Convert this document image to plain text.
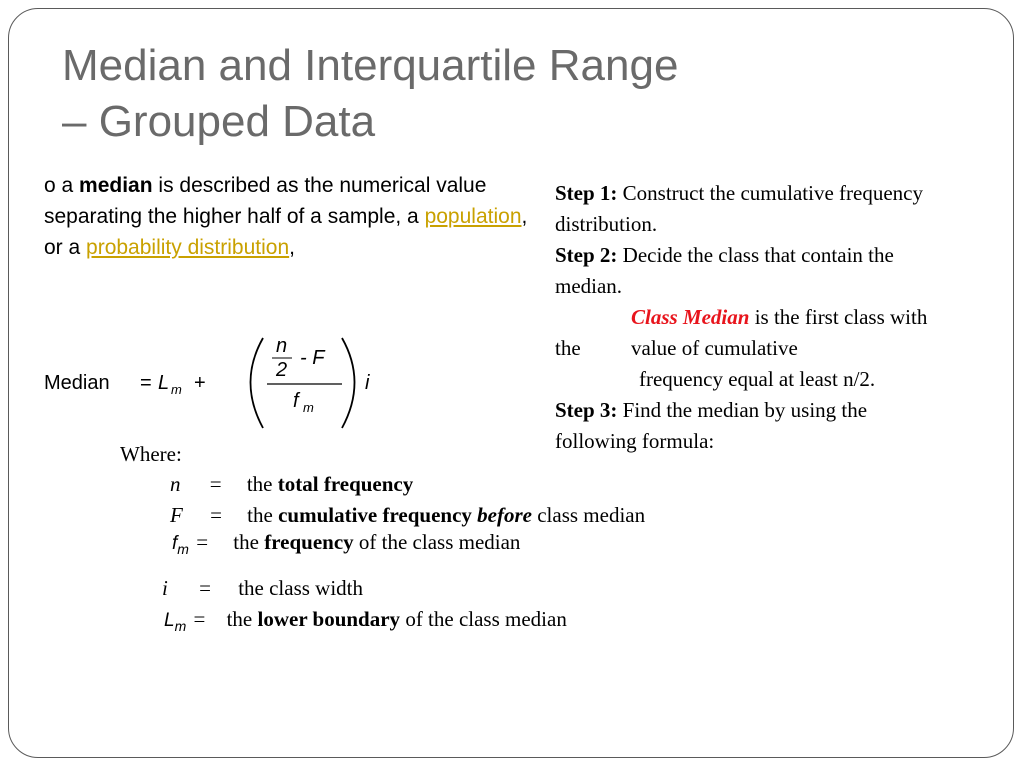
Median and Interquartile Range
– Grouped Data
o a median is described as the numerical value separating the higher half of a sample, a population, or a probability distribution,
Step 1: Construct the cumulative frequency
distribution.
Step 2: Decide the class that contain the
median.
Class Median is the first class with
the value of cumulative
frequency equal at least n/2.
Step 3: Find the median by using the
following formula:
Median = L m +
n
2
- F
f m
i
Where:
n = the total frequency
F = the cumulative frequency before class median
$f_m$ = the frequency of the class median
i = the class width
$L_m$ = the lower boundary of the class median
